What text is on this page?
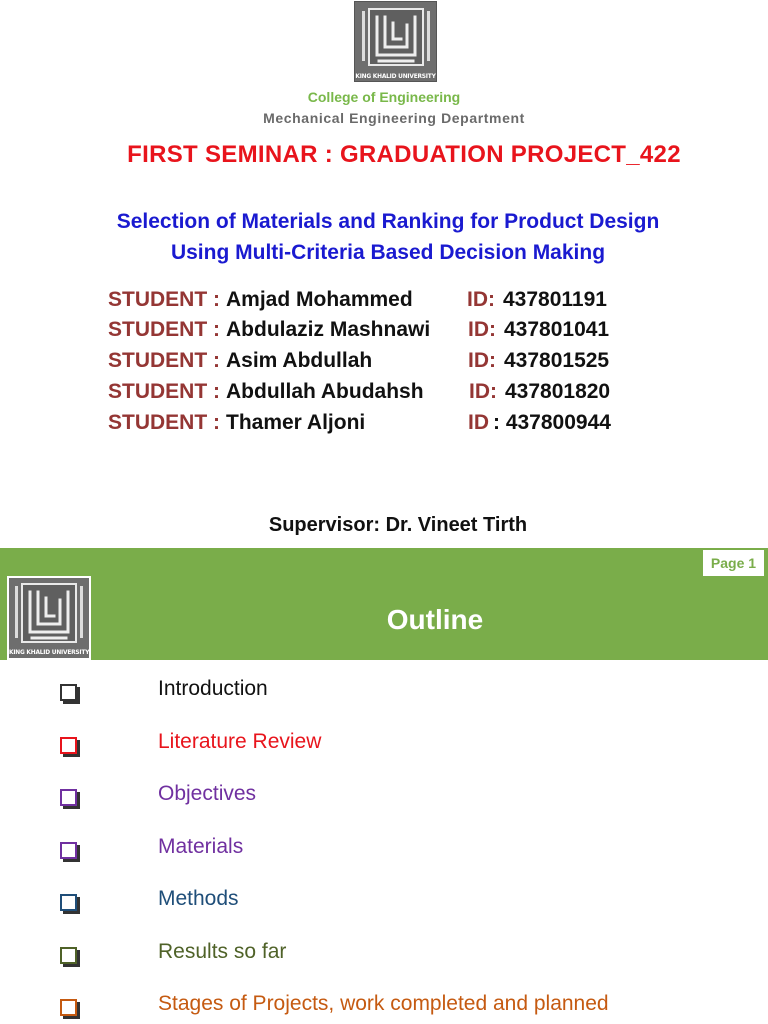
KING KHALID UNIVERSITY
College of Engineering
Mechanical Engineering Department
FIRST SEMINAR : GRADUATION PROJECT_422
Selection of Materials and Ranking for Product Design
Using Multi-Criteria Based Decision Making
STUDENT : Amjad Mohammed	ID: 437801191
STUDENT : Abdulaziz Mashnawi ID: 437801041
STUDENT : Asim Abdullah	ID: 437801525
STUDENT : Abdullah Abudahsh ID: 437801820
STUDENT : Thamer Aljoni	ID : 437800944
Supervisor: Dr. Vineet Tirth
Page 1
Outline
KING KHALID UNIVERSITY
Introduction
Literature Review
Objectives
Materials
Methods
Results so far
Stages of Projects, work completed and planned
